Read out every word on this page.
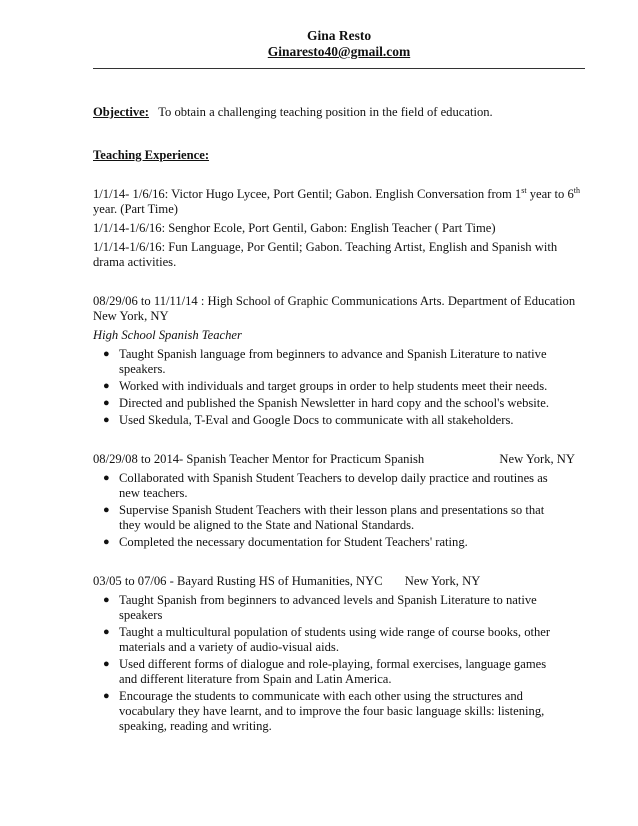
Gina Resto
Ginaresto40@gmail.com
Objective: To obtain a challenging teaching position in the field of education.
Teaching Experience:
1/1/14- 1/6/16: Victor Hugo Lycee, Port Gentil; Gabon. English Conversation from 1st year to 6th year. (Part Time)
1/1/14-1/6/16: Senghor Ecole, Port Gentil, Gabon: English Teacher ( Part Time)
1/1/14-1/6/16: Fun Language, Por Gentil; Gabon. Teaching Artist, English and Spanish with drama activities.
08/29/06 to 11/11/14 : High School of Graphic Communications Arts. Department of Education
New York, NY
High School Spanish Teacher
● Taught Spanish language from beginners to advance and Spanish Literature to native speakers.
● Worked with individuals and target groups in order to help students meet their needs.
● Directed and published the Spanish Newsletter in hard copy and the school's website.
● Used Skedula, T-Eval and Google Docs to communicate with all stakeholders.
08/29/08 to 2014- Spanish Teacher Mentor for Practicum Spanish	New York, NY
● Collaborated with Spanish Student Teachers to develop daily practice and routines as new teachers.
● Supervise Spanish Student Teachers with their lesson plans and presentations so that they would be aligned to the State and National Standards.
● Completed the necessary documentation for Student Teachers' rating.
03/05 to 07/06 - Bayard Rusting HS of Humanities, NYC New York, NY
● Taught Spanish from beginners to advanced levels and Spanish Literature to native speakers
● Taught a multicultural population of students using wide range of course books, other materials and a variety of audio-visual aids.
● Used different forms of dialogue and role-playing, formal exercises, language games and different literature from Spain and Latin America.
● Encourage the students to communicate with each other using the structures and vocabulary they have learnt, and to improve the four basic language skills: listening, speaking, reading and writing.
